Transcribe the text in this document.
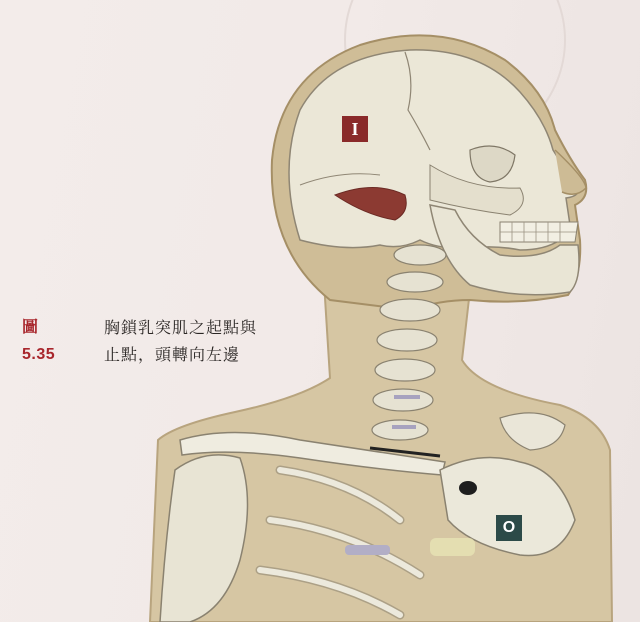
I
O
圖5.35
胸鎖乳突肌之起點與
止點，頭轉向左邊
